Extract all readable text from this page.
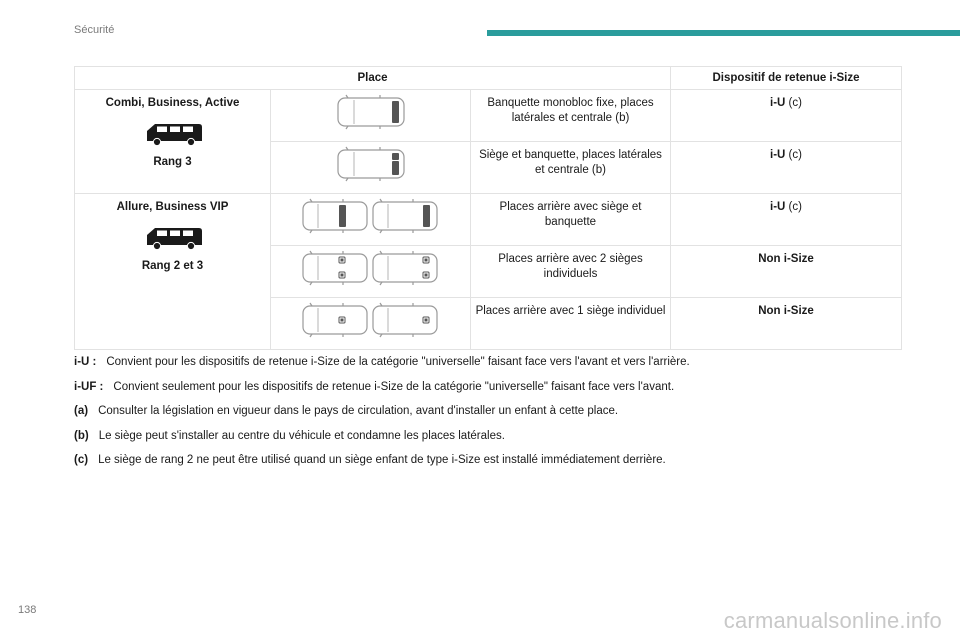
Sécurité
Place			Dispositif de retenue i-Size

Combi, Business, Active
Rang 3		Banquette monobloc fixe, places latérales et centrale (b)	i-U (c)
	Siège et banquette, places latérales et centrale (b)	i-U (c)

Allure, Business VIP
Rang 2 et 3		Places arrière avec siège et banquette	i-U (c)
	Places arrière avec 2 sièges individuels	Non i-Size
	Places arrière avec 1 siège individuel	Non i-Size
i-U : Convient pour les dispositifs de retenue i-Size de la catégorie "universelle" faisant face vers l'avant et vers l'arrière.
i-UF : Convient seulement pour les dispositifs de retenue i-Size de la catégorie "universelle" faisant face vers l'avant.
(a) Consulter la législation en vigueur dans le pays de circulation, avant d'installer un enfant à cette place.
(b) Le siège peut s'installer au centre du véhicule et condamne les places latérales.
(c) Le siège de rang 2 ne peut être utilisé quand un siège enfant de type i-Size est installé immédiatement derrière.
138	carmanualsonline.info
